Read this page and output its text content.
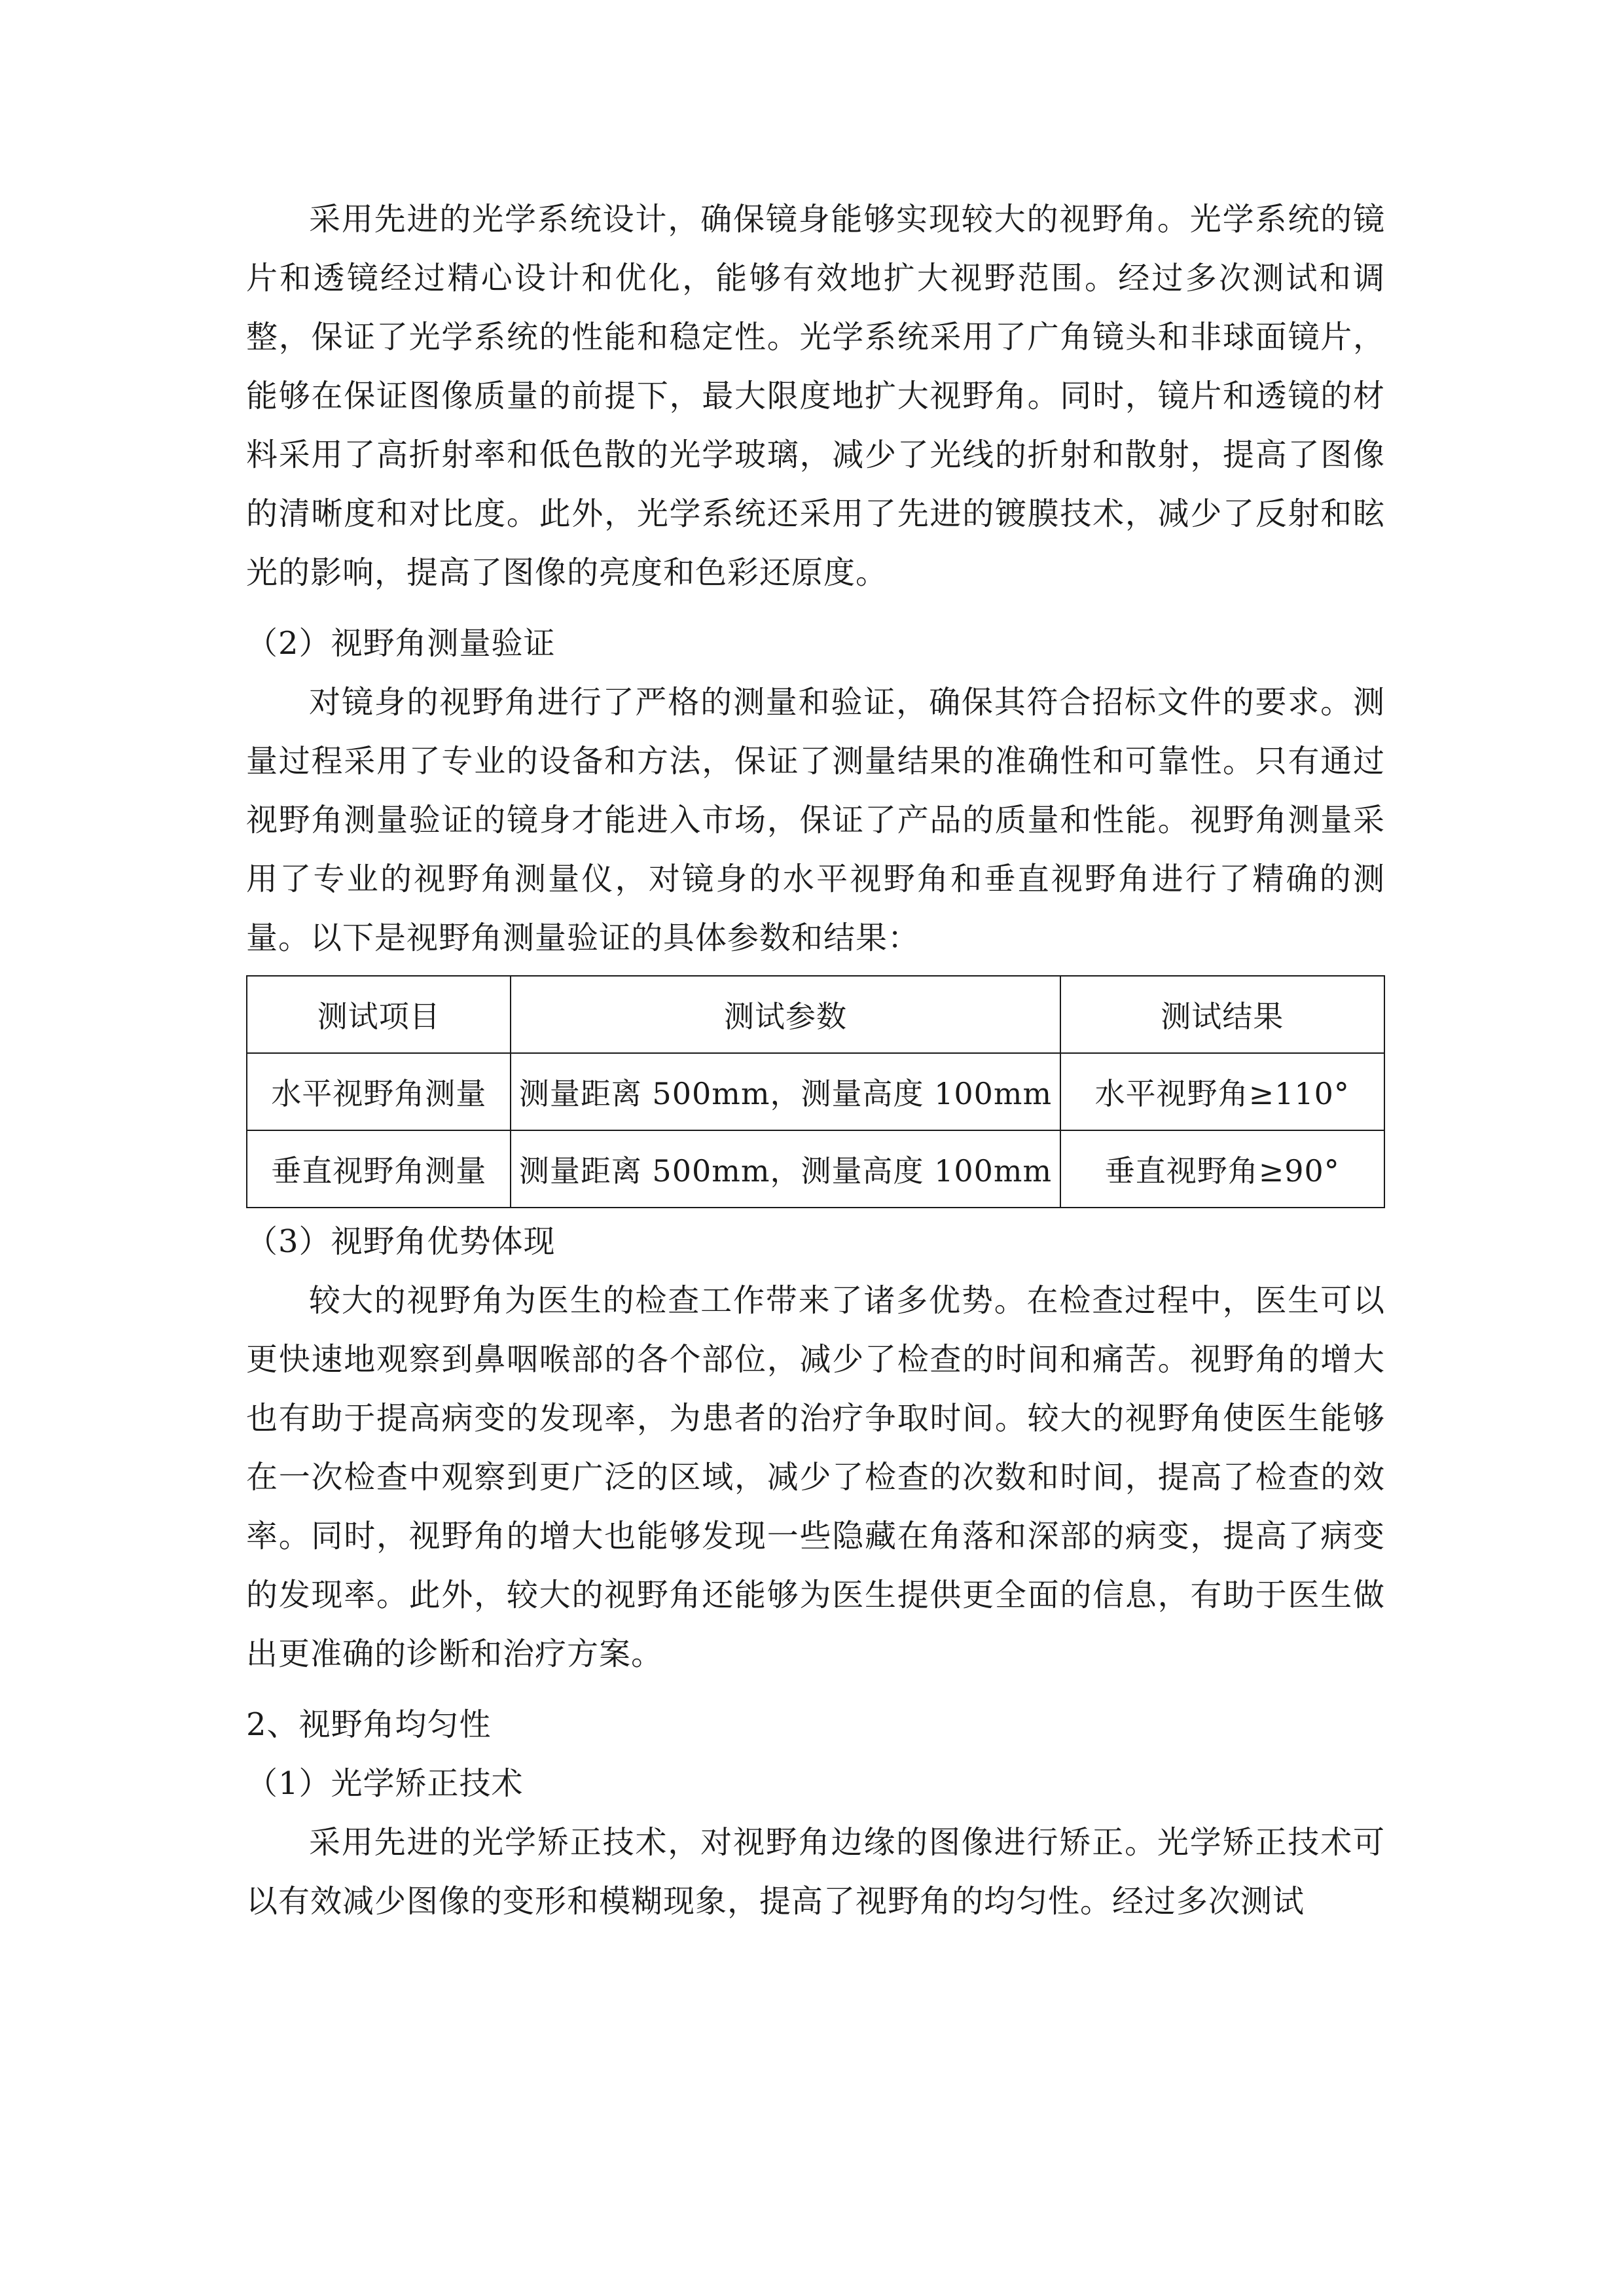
采用先进的光学系统设计，确保镜身能够实现较大的视野角。光学系统的镜片和透镜经过精心设计和优化，能够有效地扩大视野范围。经过多次测试和调整，保证了光学系统的性能和稳定性。光学系统采用了广角镜头和非球面镜片，能够在保证图像质量的前提下，最大限度地扩大视野角。同时，镜片和透镜的材料采用了高折射率和低色散的光学玻璃，减少了光线的折射和散射，提高了图像的清晰度和对比度。此外，光学系统还采用了先进的镀膜技术，减少了反射和眩光的影响，提高了图像的亮度和色彩还原度。

（2）视野角测量验证

对镜身的视野角进行了严格的测量和验证，确保其符合招标文件的要求。测量过程采用了专业的设备和方法，保证了测量结果的准确性和可靠性。只有通过视野角测量验证的镜身才能进入市场，保证了产品的质量和性能。视野角测量采用了专业的视野角测量仪，对镜身的水平视野角和垂直视野角进行了精确的测量。以下是视野角测量验证的具体参数和结果：

测试项目	测试参数	测试结果
水平视野角测量	测量距离 500mm，测量高度 100mm	水平视野角≥110°
垂直视野角测量	测量距离 500mm，测量高度 100mm	垂直视野角≥90°

（3）视野角优势体现

较大的视野角为医生的检查工作带来了诸多优势。在检查过程中，医生可以更快速地观察到鼻咽喉部的各个部位，减少了检查的时间和痛苦。视野角的增大也有助于提高病变的发现率，为患者的治疗争取时间。较大的视野角使医生能够在一次检查中观察到更广泛的区域，减少了检查的次数和时间，提高了检查的效率。同时，视野角的增大也能够发现一些隐藏在角落和深部的病变，提高了病变的发现率。此外，较大的视野角还能够为医生提供更全面的信息，有助于医生做出更准确的诊断和治疗方案。

2、视野角均匀性

（1）光学矫正技术

采用先进的光学矫正技术，对视野角边缘的图像进行矫正。光学矫正技术可以有效减少图像的变形和模糊现象，提高了视野角的均匀性。经过多次测试
